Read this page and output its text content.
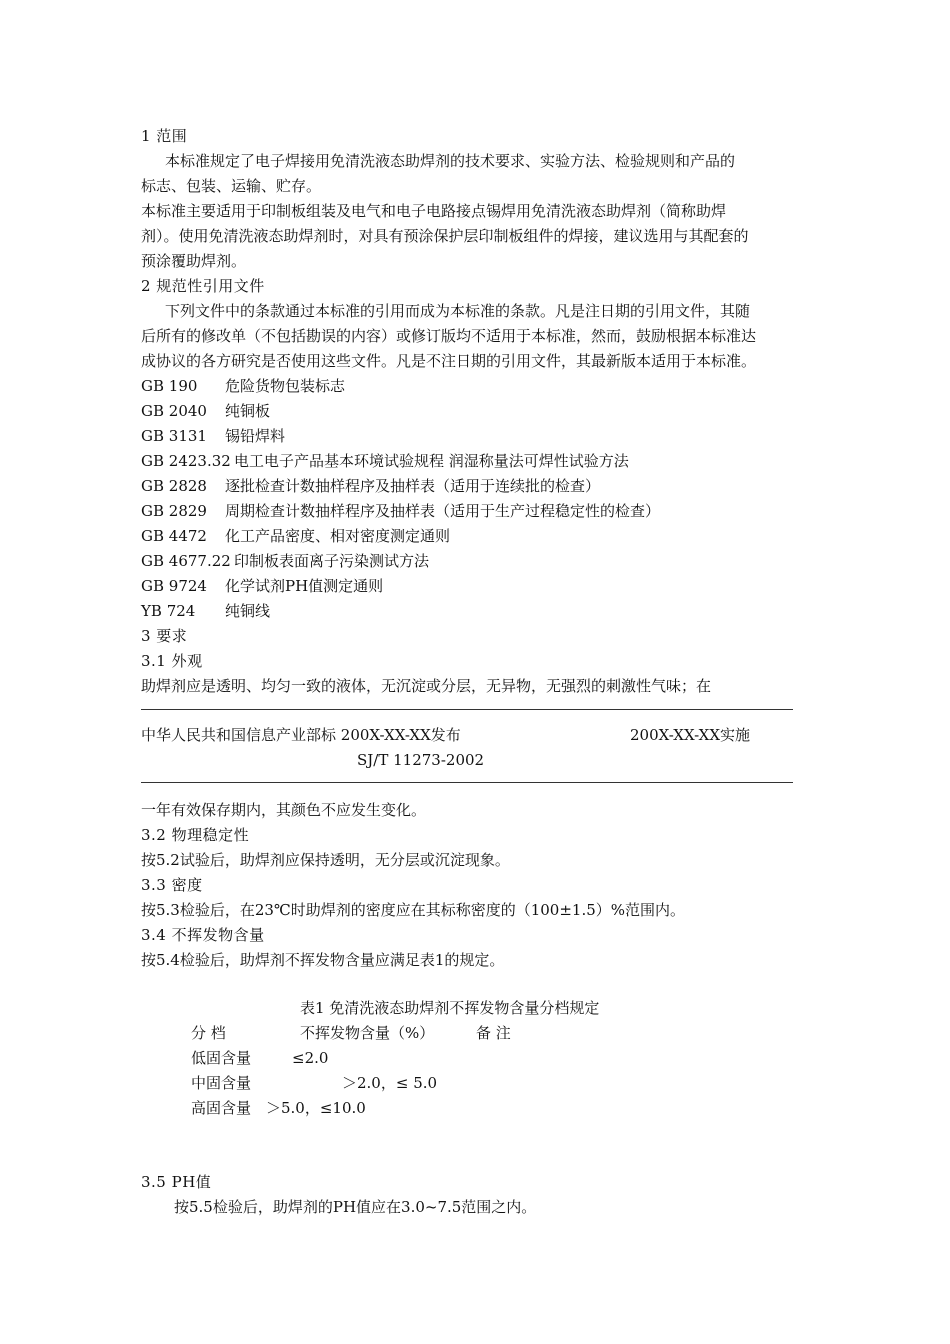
1 范围
本标准规定了电子焊接用免清洗液态助焊剂的技术要求、实验方法、检验规则和产品的
标志、包装、运输、贮存。
本标准主要适用于印制板组装及电气和电子电路接点锡焊用免清洗液态助焊剂（简称助焊
剂）。使用免清洗液态助焊剂时，对具有预涂保护层印制板组件的焊接，建议选用与其配套的
预涂覆助焊剂。
2 规范性引用文件
下列文件中的条款通过本标准的引用而成为本标准的条款。凡是注日期的引用文件，其随
后所有的修改单（不包括勘误的内容）或修订版均不适用于本标准，然而，鼓励根据本标准达
成协议的各方研究是否使用这些文件。凡是不注日期的引用文件，其最新版本适用于本标准。
GB 190 危险货物包装标志
GB 2040 纯铜板
GB 3131 锡铅焊料
GB 2423.32 电工电子产品基本环境试验规程 润湿称量法可焊性试验方法
GB 2828 逐批检查计数抽样程序及抽样表（适用于连续批的检查）
GB 2829 周期检查计数抽样程序及抽样表（适用于生产过程稳定性的检查）
GB 4472 化工产品密度、相对密度测定通则
GB 4677.22 印制板表面离子污染测试方法
GB 9724 化学试剂PH值测定通则
YB 724 纯铜线
3 要求
3.1 外观
助焊剂应是透明、均匀一致的液体，无沉淀或分层，无异物，无强烈的刺激性气味；在
中华人民共和国信息产业部标 200X-XX-XX发布	200X-XX-XX实施
SJ/T 11273-2002
一年有效保存期内，其颜色不应发生变化。
3.2 物理稳定性
按5.2试验后，助焊剂应保持透明，无分层或沉淀现象。
3.3 密度
按5.3检验后，在23℃时助焊剂的密度应在其标称密度的（100±1.5）%范围内。
3.4 不挥发物含量
按5.4检验后，助焊剂不挥发物含量应满足表1的规定。
表1 免清洗液态助焊剂不挥发物含量分档规定
分 档	不挥发物含量（%）	备 注
低固含量	≤2.0
中固含量	＞2.0，≤ 5.0
高固含量 ＞5.0，≤10.0
3.5 PH值
按5.5检验后，助焊剂的PH值应在3.0~7.5范围之内。
